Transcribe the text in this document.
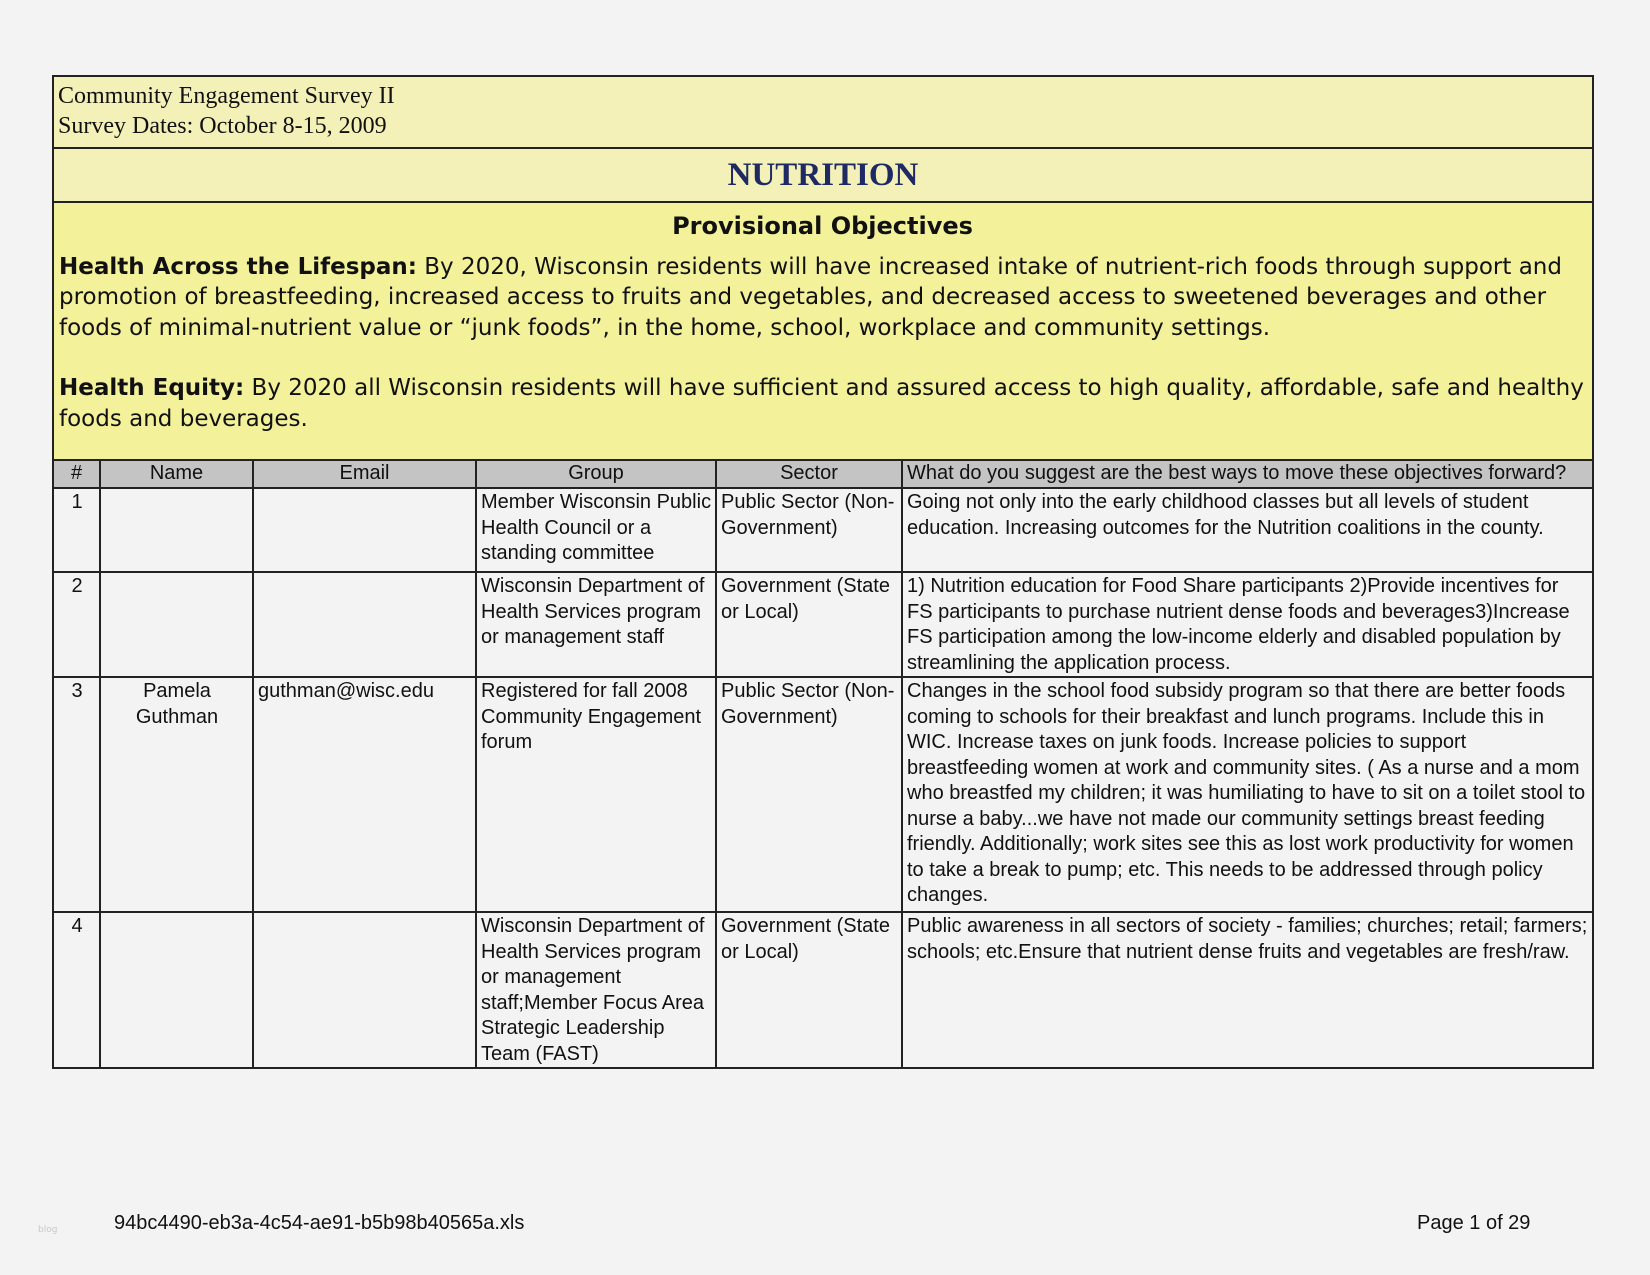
Community Engagement Survey II
Survey Dates: October 8-15, 2009
NUTRITION
Provisional Objectives

Health Across the Lifespan: By 2020, Wisconsin residents will have increased intake of nutrient-rich foods through support and promotion of breastfeeding, increased access to fruits and vegetables, and decreased access to sweetened beverages and other foods of minimal-nutrient value or “junk foods”, in the home, school, workplace and community settings.

Health Equity: By 2020 all Wisconsin residents will have sufficient and assured access to high quality, affordable, safe and healthy foods and beverages.

#	Name	Email	Group	Sector	What do you suggest are the best ways to move these objectives forward?
1			Member Wisconsin Public Health Council or a standing committee	Public Sector (Non-Government)	Going not only into the early childhood classes but all levels of student education. Increasing outcomes for the Nutrition coalitions in the county.
2			Wisconsin Department of Health Services program or management staff	Government (State or Local)	1) Nutrition education for Food Share participants 2)Provide incentives for FS participants to purchase nutrient dense foods and beverages3)Increase FS participation among the low-income elderly and disabled population by streamlining the application process.
3	Pamela Guthman	guthman@wisc.edu	Registered for fall 2008 Community Engagement forum	Public Sector (Non-Government)	Changes in the school food subsidy program so that there are better foods coming to schools for their breakfast and lunch programs. Include this in WIC. Increase taxes on junk foods. Increase policies to support breastfeeding women at work and community sites. ( As a nurse and a mom who breastfed my children; it was humiliating to have to sit on a toilet stool to nurse a baby...we have not made our community settings breast feeding friendly. Additionally; work sites see this as lost work productivity for women to take a break to pump; etc. This needs to be addressed through policy changes.
4			Wisconsin Department of Health Services program or management staff;Member Focus Area Strategic Leadership Team (FAST)	Government (State or Local)	Public awareness in all sectors of society - families; churches; retail; farmers; schools; etc.Ensure that nutrient dense fruits and vegetables are fresh/raw.
94bc4490-eb3a-4c54-ae91-b5b98b40565a.xls	Page 1 of 29
blog
